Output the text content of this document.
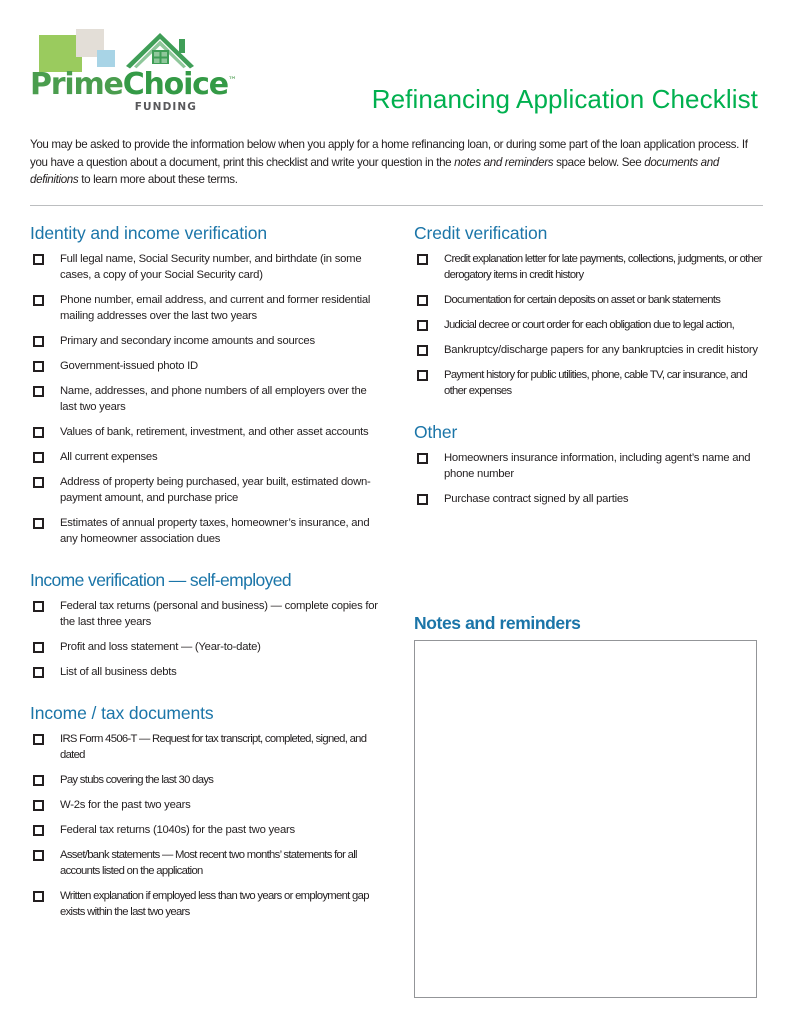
PrimeChoice™
FUNDING	Refinancing Application Checklist
You may be asked to provide the information below when you apply for a home refinancing loan, or during some part of the loan application process. If you have a question about a document, print this checklist and write your question in the notes and reminders space below. See documents and definitions to learn more about these terms.
Identity and income verification
Full legal name, Social Security number, and birthdate (in some cases, a copy of your Social Security card)
Phone number, email address, and current and former residential mailing addresses over the last two years
Primary and secondary income amounts and sources
Government-issued photo ID
Name, addresses, and phone numbers of all employers over the last two years
Values of bank, retirement, investment, and other asset accounts
All current expenses
Address of property being purchased, year built, estimated down-payment amount, and purchase price
Estimates of annual property taxes, homeowner’s insurance, and any homeowner association dues
Income verification — self-employed
Federal tax returns (personal and business) — complete copies for the last three years
Profit and loss statement — (Year-to-date)
List of all business debts
Income / tax documents
IRS Form 4506-T — Request for tax transcript, completed, signed, and dated
Pay stubs covering the last 30 days
W-2s for the past two years
Federal tax returns (1040s) for the past two years
Asset/bank statements — Most recent two months’ statements for all accounts listed on the application
Written explanation if employed less than two years or employment gap exists within the last two years
Credit verification
Credit explanation letter for late payments, collections, judgments, or other derogatory items in credit history
Documentation for certain deposits on asset or bank statements
Judicial decree or court order for each obligation due to legal action,
Bankruptcy/discharge papers for any bankruptcies in credit history
Payment history for public utilities, phone, cable TV, car insurance, and other expenses
Other
Homeowners insurance information, including agent’s name and phone number
Purchase contract signed by all parties
Notes and reminders
